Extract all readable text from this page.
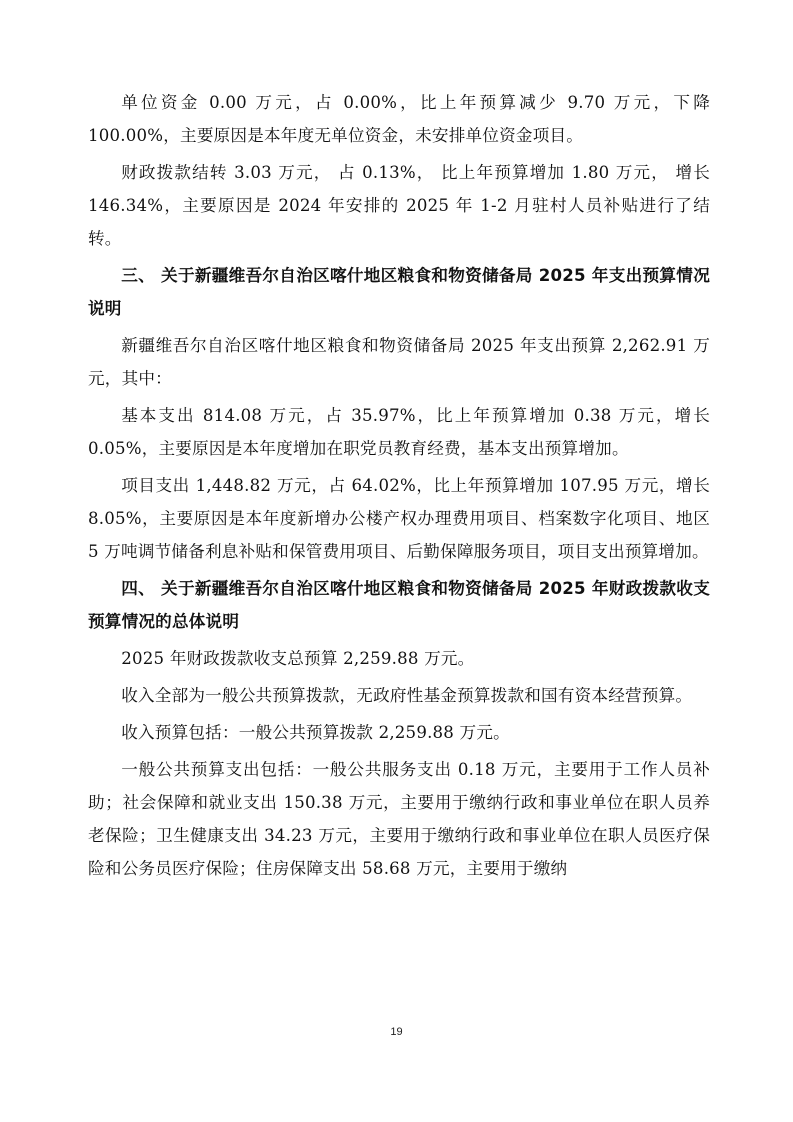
单位资金 0.00 万元，占 0.00%，比上年预算减少 9.70 万元，下降 100.00%，主要原因是本年度无单位资金，未安排单位资金项目。

财政拨款结转 3.03 万元， 占 0.13%， 比上年预算增加 1.80 万元， 增长 146.34%，主要原因是 2024 年安排的 2025 年 1-2 月驻村人员补贴进行了结转。

三、 关于新疆维吾尔自治区喀什地区粮食和物资储备局 2025 年支出预算情况说明

新疆维吾尔自治区喀什地区粮食和物资储备局 2025 年支出预算 2,262.91 万元，其中：

基本支出 814.08 万元，占 35.97%，比上年预算增加 0.38 万元，增长 0.05%，主要原因是本年度增加在职党员教育经费，基本支出预算增加。

项目支出 1,448.82 万元，占 64.02%，比上年预算增加 107.95 万元，增长 8.05%，主要原因是本年度新增办公楼产权办理费用项目、档案数字化项目、地区 5 万吨调节储备利息补贴和保管费用项目、后勤保障服务项目，项目支出预算增加。

四、 关于新疆维吾尔自治区喀什地区粮食和物资储备局 2025 年财政拨款收支预算情况的总体说明

2025 年财政拨款收支总预算 2,259.88 万元。

收入全部为一般公共预算拨款，无政府性基金预算拨款和国有资本经营预算。

收入预算包括：一般公共预算拨款 2,259.88 万元。

一般公共预算支出包括：一般公共服务支出 0.18 万元，主要用于工作人员补助；社会保障和就业支出 150.38 万元，主要用于缴纳行政和事业单位在职人员养老保险；卫生健康支出 34.23 万元，主要用于缴纳行政和事业单位在职人员医疗保险和公务员医疗保险；住房保障支出 58.68 万元，主要用于缴纳

19
